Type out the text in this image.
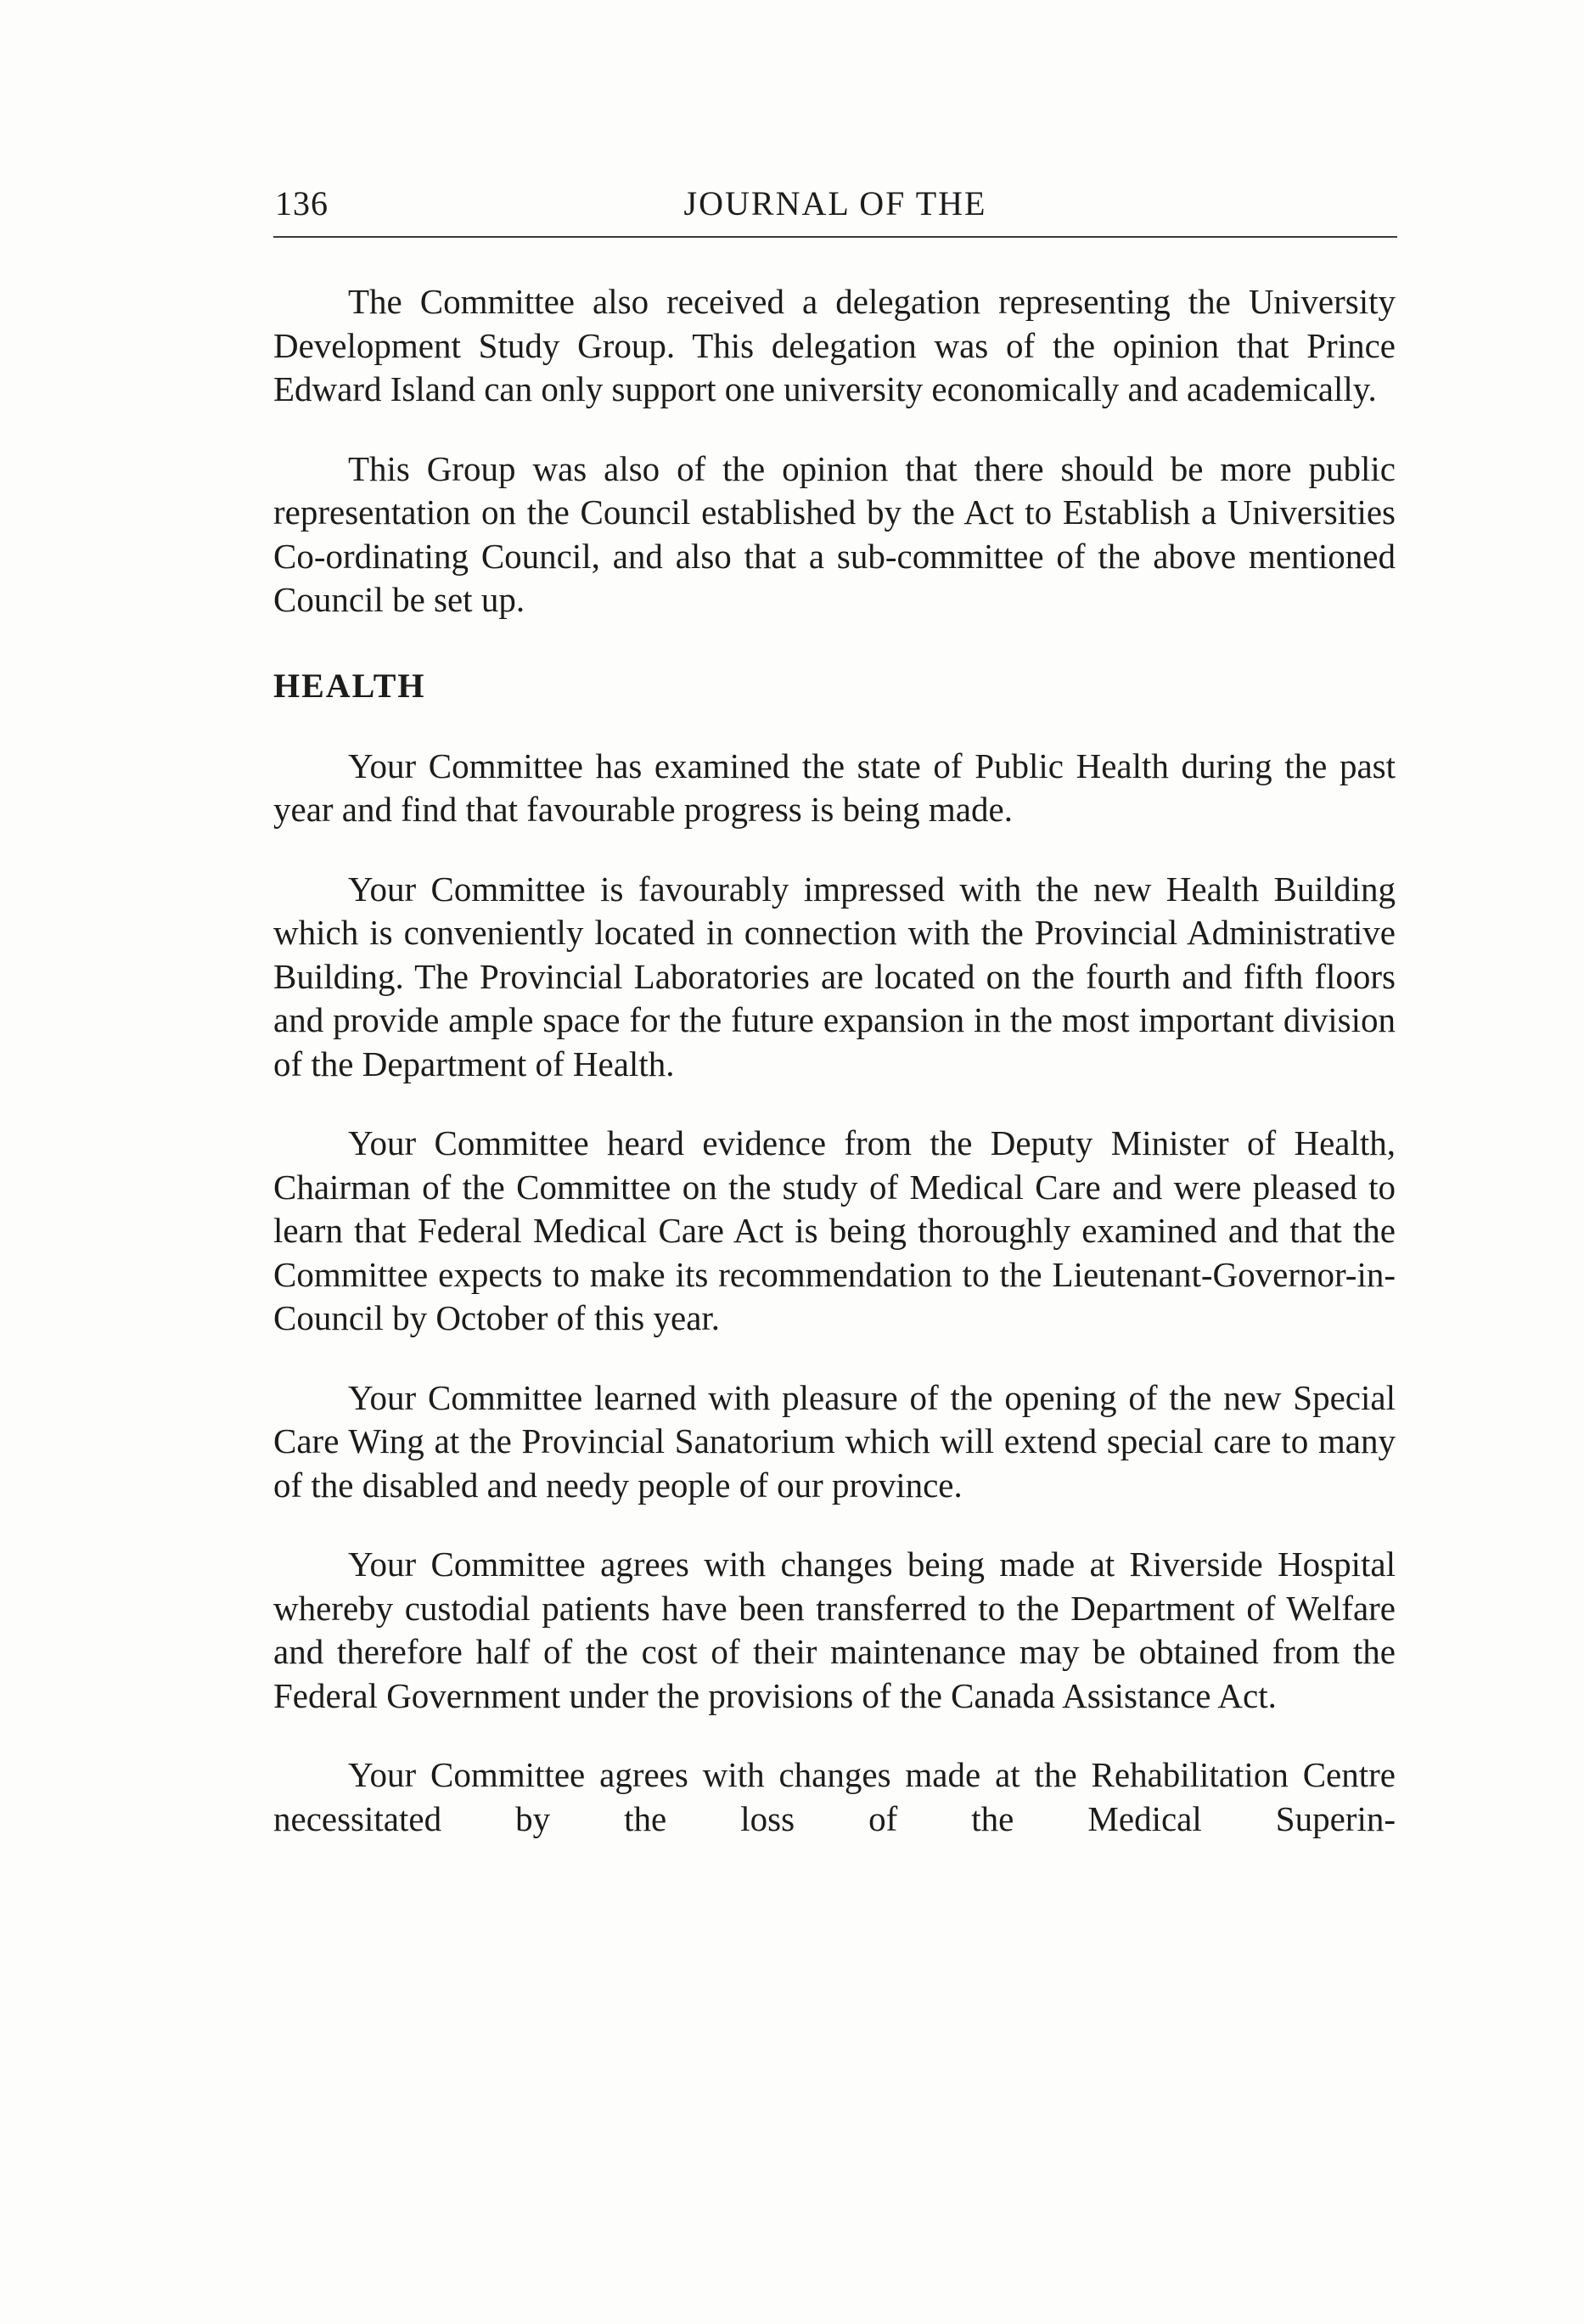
136	JOURNAL OF THE

The Committee also received a delegation representing the University Development Study Group. This delegation was of the opinion that Prince Edward Island can only support one university economically and academically.

This Group was also of the opinion that there should be more public representation on the Council established by the Act to Establish a Universities Co-ordinating Council, and also that a sub-committee of the above mentioned Council be set up.

HEALTH

Your Committee has examined the state of Public Health during the past year and find that favourable progress is being made.

Your Committee is favourably impressed with the new Health Building which is conveniently located in connection with the Provincial Administrative Building. The Provincial Laboratories are located on the fourth and fifth floors and provide ample space for the future expansion in the most important division of the Department of Health.

Your Committee heard evidence from the Deputy Minister of Health, Chairman of the Committee on the study of Medical Care and were pleased to learn that Federal Medical Care Act is being thoroughly examined and that the Committee expects to make its recommendation to the Lieutenant-Governor-in-Council by October of this year.

Your Committee learned with pleasure of the opening of the new Special Care Wing at the Provincial Sanatorium which will extend special care to many of the disabled and needy people of our province.

Your Committee agrees with changes being made at Riverside Hospital whereby custodial patients have been transferred to the Department of Welfare and therefore half of the cost of their maintenance may be obtained from the Federal Government under the provisions of the Canada Assistance Act.

Your Committee agrees with changes made at the Rehabilitation Centre necessitated by the loss of the Medical Superin-
